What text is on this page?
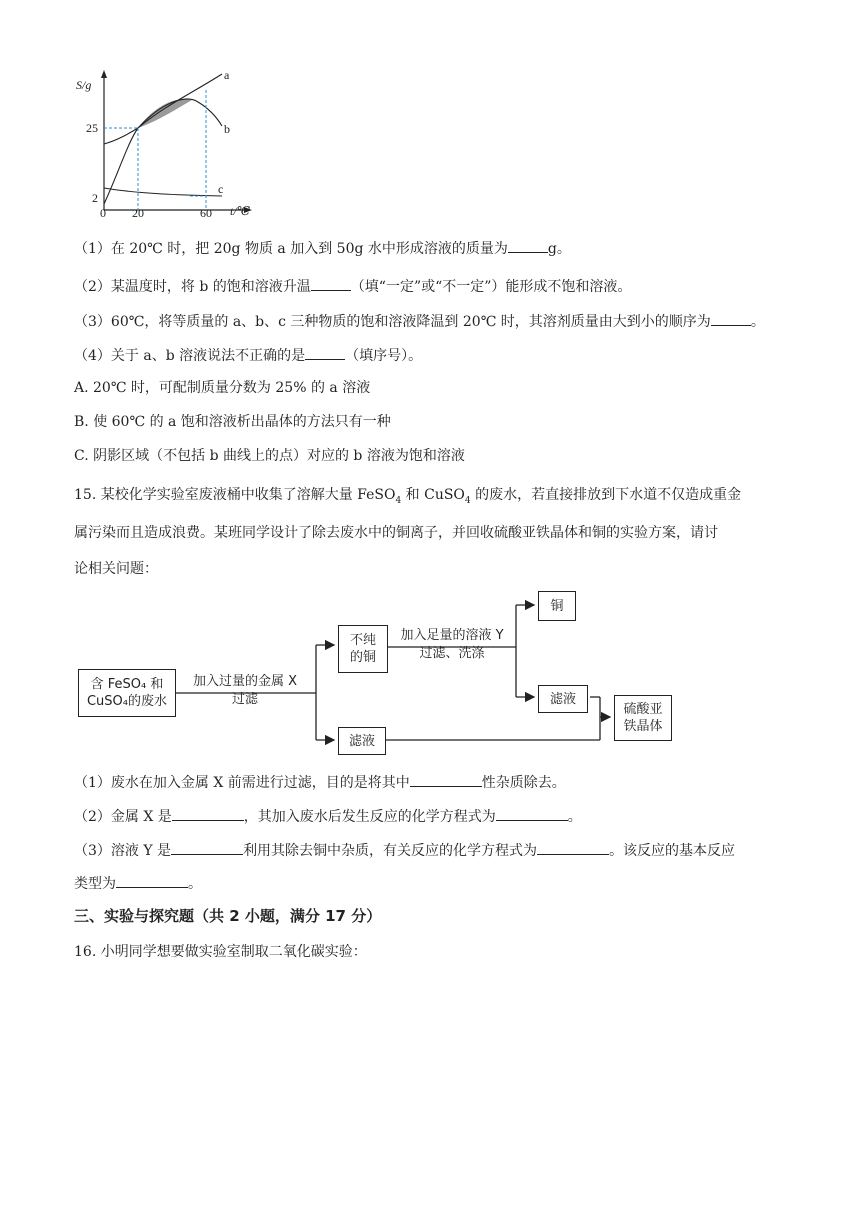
S/g
25
2
0 20	60 t/℃
a
b
c
（1）在 20℃ 时，把 20g 物质 a 加入到 50g 水中形成溶液的质量为	g。
（2）某温度时，将 b 的饱和溶液升温	（填“一定”或“不一定”）能形成不饱和溶液。
（3）60℃，将等质量的 a、b、c 三种物质的饱和溶液降温到 20℃ 时，其溶剂质量由大到小的顺序为	。
（4）关于 a、b 溶液说法不正确的是	（填序号）。
A. 20℃ 时，可配制质量分数为 25% 的 a 溶液
B. 使 60℃ 的 a 饱和溶液析出晶体的方法只有一种
C. 阴影区域（不包括 b 曲线上的点）对应的 b 溶液为饱和溶液
15. 某校化学实验室废液桶中收集了溶解大量 FeSO$_4$ 和 CuSO$_4$ 的废水，若直接排放到下水道不仅造成重金
属污染而且造成浪费。某班同学设计了除去废水中的铜离子，并回收硫酸亚铁晶体和铜的实验方案，请讨
论相关问题：
含 FeSO₄ 和
CuSO₄的废水
加入过量的金属 X
过滤
不纯
的铜
加入足量的溶液 Y
过滤、洗涤
铜
滤液
滤液
硫酸亚
铁晶体
（1）废水在加入金属 X 前需进行过滤，目的是将其中	性杂质除去。
（2）金属 X 是	，其加入废水后发生反应的化学方程式为	。
（3）溶液 Y 是	利用其除去铜中杂质，有关反应的化学方程式为	。该反应的基本反应
类型为	。
三、实验与探究题（共 2 小题，满分 17 分）
16. 小明同学想要做实验室制取二氧化碳实验：
